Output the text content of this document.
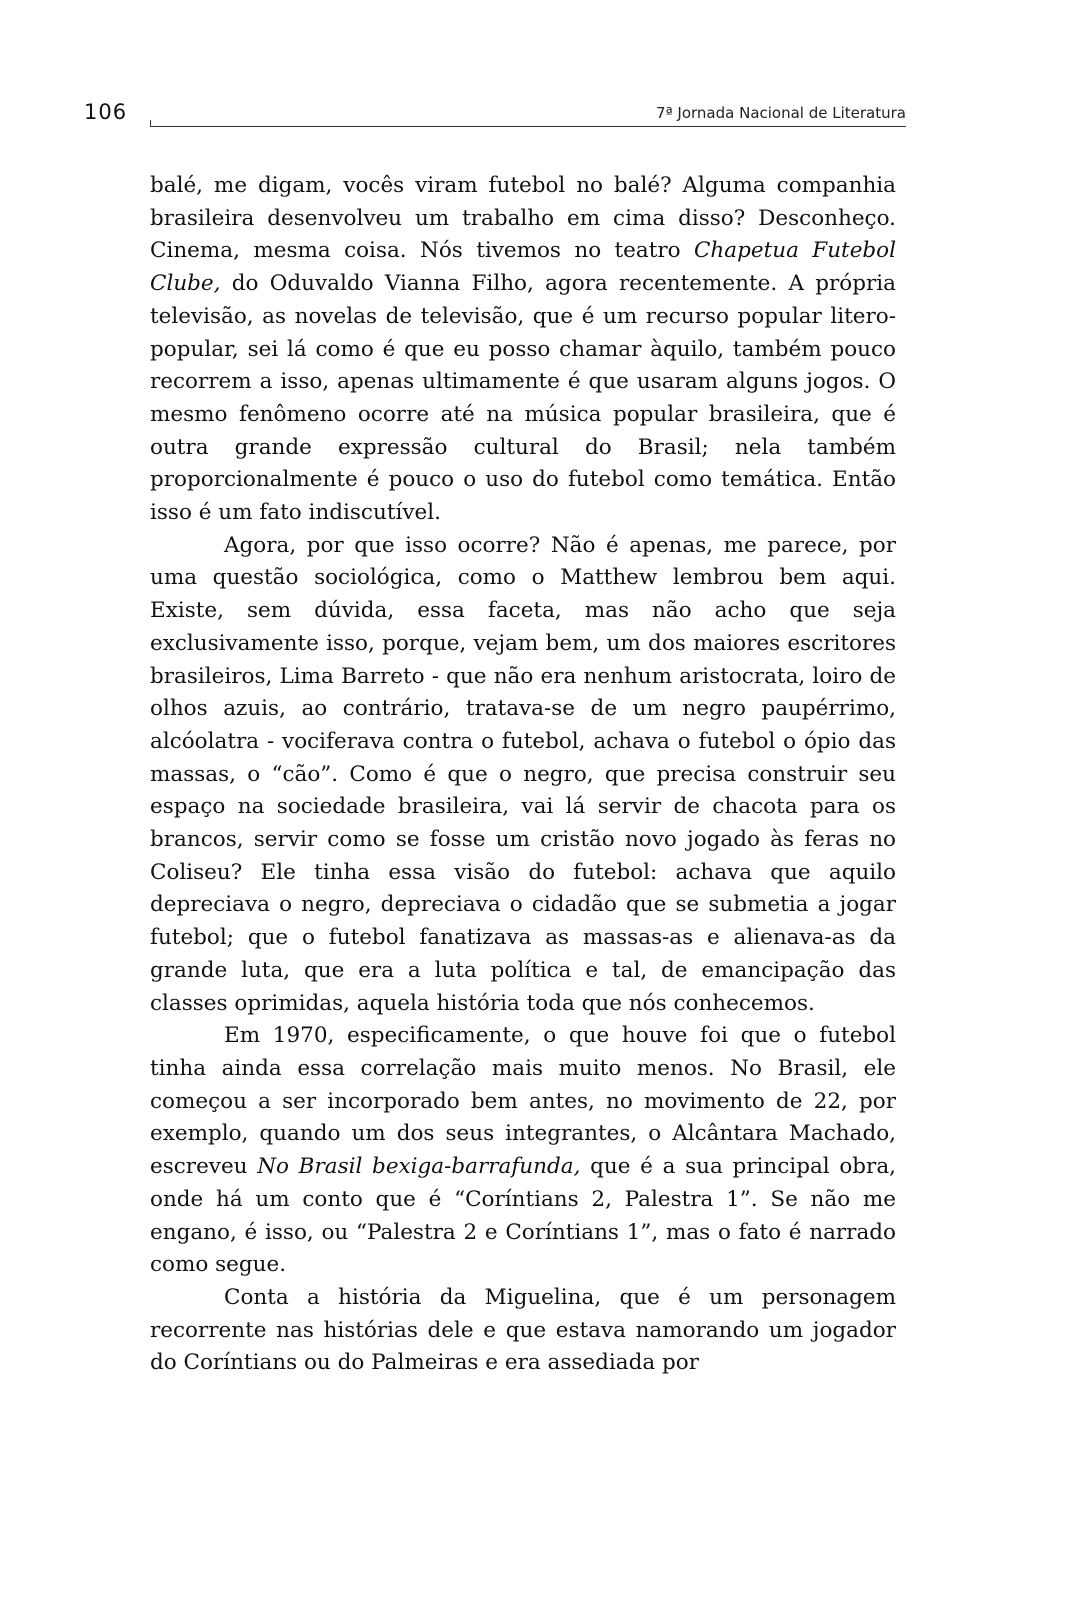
106	7ª Jornada Nacional de Literatura

balé, me digam, vocês viram futebol no balé? Alguma companhia brasileira desenvolveu um trabalho em cima disso? Desconheço. Cinema, mesma coisa. Nós tivemos no teatro Chapetua Futebol Clube, do Oduvaldo Vianna Filho, agora recentemente. A própria televisão, as novelas de televisão, que é um recurso popular litero-popular, sei lá como é que eu posso chamar àquilo, também pouco recorrem a isso, apenas ultimamente é que usaram alguns jogos. O mesmo fenômeno ocorre até na música popular brasileira, que é outra grande expressão cultural do Brasil; nela também proporcionalmente é pouco o uso do futebol como temática. Então isso é um fato indiscutível.

Agora, por que isso ocorre? Não é apenas, me parece, por uma questão sociológica, como o Matthew lembrou bem aqui. Existe, sem dúvida, essa faceta, mas não acho que seja exclusivamente isso, porque, vejam bem, um dos maiores escritores brasileiros, Lima Barreto - que não era nenhum aristocrata, loiro de olhos azuis, ao contrário, tratava-se de um negro paupérrimo, alcóolatra - vociferava contra o futebol, achava o futebol o ópio das massas, o “cão”. Como é que o negro, que precisa construir seu espaço na sociedade brasileira, vai lá servir de chacota para os brancos, servir como se fosse um cristão novo jogado às feras no Coliseu? Ele tinha essa visão do futebol: achava que aquilo depreciava o negro, depreciava o cidadão que se submetia a jogar futebol; que o futebol fanatizava as massas-as e alienava-as da grande luta, que era a luta política e tal, de emancipação das classes oprimidas, aquela história toda que nós conhecemos.

Em 1970, especificamente, o que houve foi que o futebol tinha ainda essa correlação mais muito menos. No Brasil, ele começou a ser incorporado bem antes, no movimento de 22, por exemplo, quando um dos seus integrantes, o Alcântara Machado, escreveu No Brasil bexiga-barrafunda, que é a sua principal obra, onde há um conto que é “Coríntians 2, Palestra 1”. Se não me engano, é isso, ou “Palestra 2 e Coríntians 1”, mas o fato é narrado como segue.

Conta a história da Miguelina, que é um personagem recorrente nas histórias dele e que estava namorando um jogador do Coríntians ou do Palmeiras e era assediada por
